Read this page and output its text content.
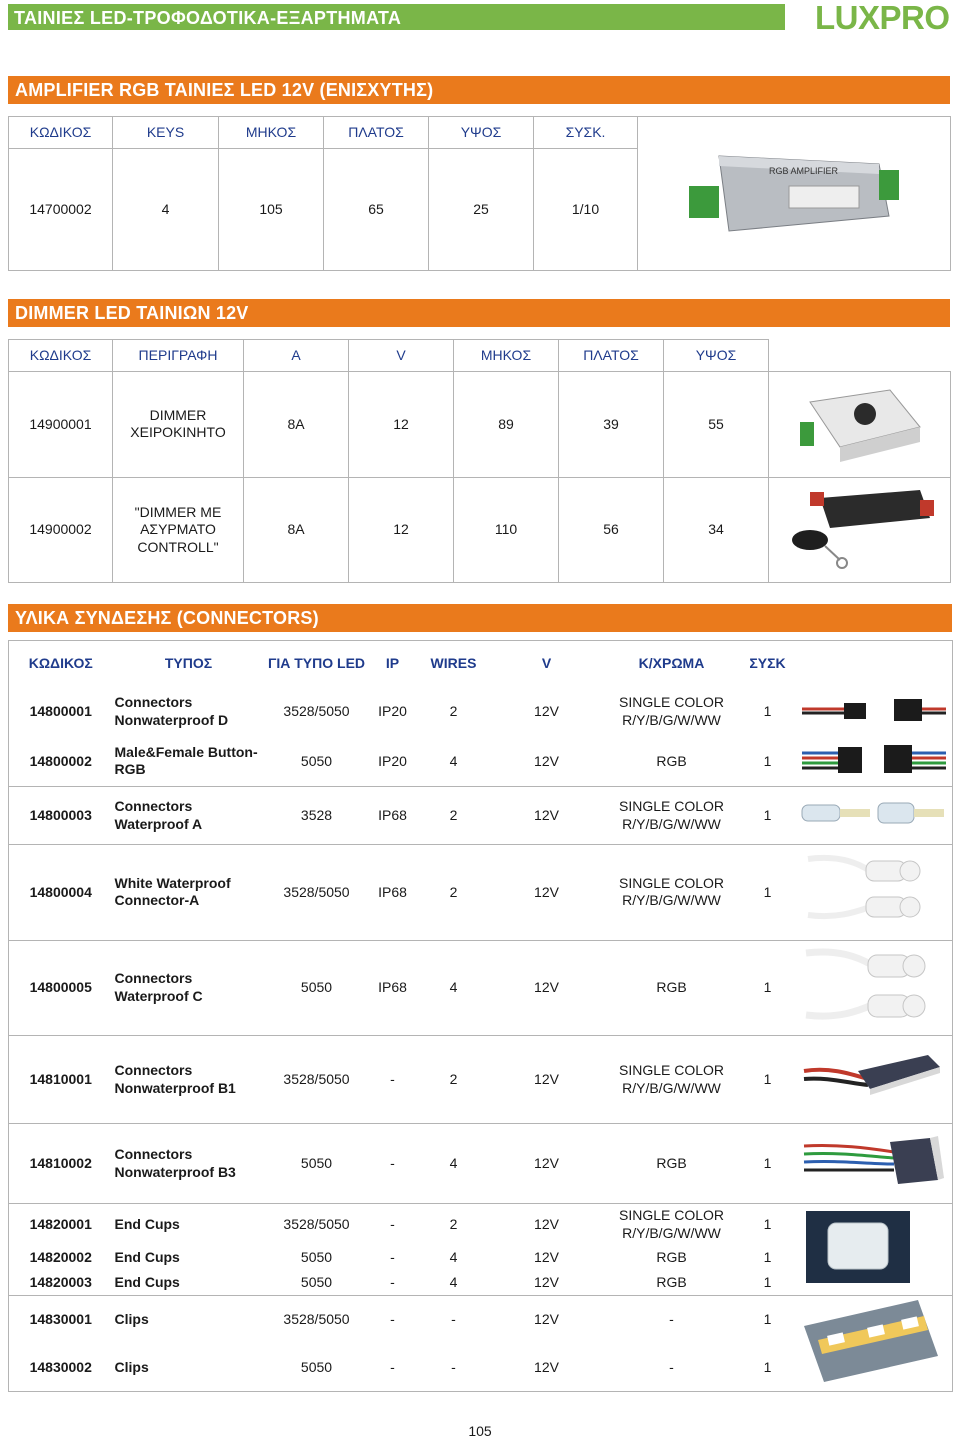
ΤΑΙΝΙΕΣ LED-ΤΡΟΦΟΔΟΤΙΚΑ-ΕΞΑΡΤΗΜΑΤΑ	LUXPRO
AMPLIFIER RGB ΤΑΙΝΙΕΣ LED 12V (ΕΝΙΣΧΥΤΗΣ)
ΚΩΔΙΚΟΣ	KEYS	ΜΗΚΟΣ	ΠΛΑΤΟΣ	ΥΨΟΣ	ΣΥΣΚ.	RGB AMPLIFIER

14700002	4	105	65	25	1/10	
DIMMER LED ΤΑΙΝΙΩΝ 12V
ΚΩΔΙΚΟΣ	ΠΕΡΙΓΡΑΦΗ	A	V	ΜΗΚΟΣ	ΠΛΑΤΟΣ	ΥΨΟΣ	
14900001	DIMMER ΧΕΙΡΟΚΙΝΗΤΟ	8A	12	89	39	55	
14900002	"DIMMER ΜΕ ΑΣΥΡΜΑΤΟ CONTROLL"	8A	12	110	56	34	
ΥΛΙΚΑ ΣΥΝΔΕΣΗΣ (CONNECTORS)
ΚΩΔΙΚΟΣ	ΤΥΠΟΣ	ΓΙΑ ΤΥΠΟ LED	IP	WIRES	V	Κ/ΧΡΩΜΑ	ΣΥΣΚ	
14800001	Connectors Nonwaterproof D	3528/5050	IP20	2	12V	SINGLE COLOR R/Y/B/G/W/WW	1	
14800002	Male&Female Button-RGB	5050	IP20	4	12V	RGB	1	
14800003	Connectors Waterproof A	3528	IP68	2	12V	SINGLE COLOR R/Y/B/G/W/WW	1	
14800004	White Waterproof Connector-A	3528/5050	IP68	2	12V	SINGLE COLOR R/Y/B/G/W/WW	1	
14800005	Connectors Waterproof C	5050	IP68	4	12V	RGB	1	
14810001	Connectors Nonwaterproof B1	3528/5050	-	2	12V	SINGLE COLOR R/Y/B/G/W/WW	1	
14810002	Connectors Nonwaterproof B3	5050	-	4	12V	RGB	1	
14820001	End Cups	3528/5050	-	2	12V	SINGLE COLOR R/Y/B/G/W/WW	1	
14820002	End Cups	5050	-	4	12V	RGB	1	
14820003	End Cups	5050	-	4	12V	RGB	1	
14830001	Clips	3528/5050	-	-	12V	-	1	
14830002	Clips	5050	-	-	12V	-	1	
105
